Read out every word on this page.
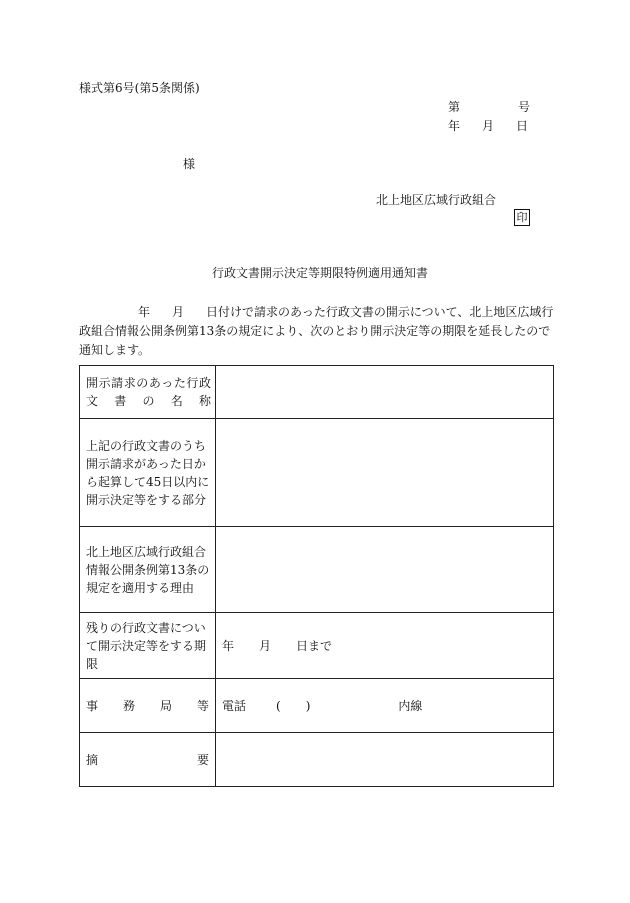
様式第6号(第5条関係)
第	号
年 月 日
様
北上地区広域行政組合
印
行政文書開示決定等期限特例適用通知書
年 月 日付けで請求のあった行政文書の開示について、北上地区広域行政組合情報公開条例第13条の規定により、次のとおり開示決定等の期限を延長したので通知します。
開示請求のあった行政文書の名称	
上記の行政文書のうち開示請求があった日から起算して45日以内に開示決定等をする部分	
北上地区広域行政組合情報公開条例第13条の規定を適用する理由	
残りの行政文書について開示決定等をする期限	年 月 日まで

事 務 局 等	電話 ( ) 内線

摘 要	
